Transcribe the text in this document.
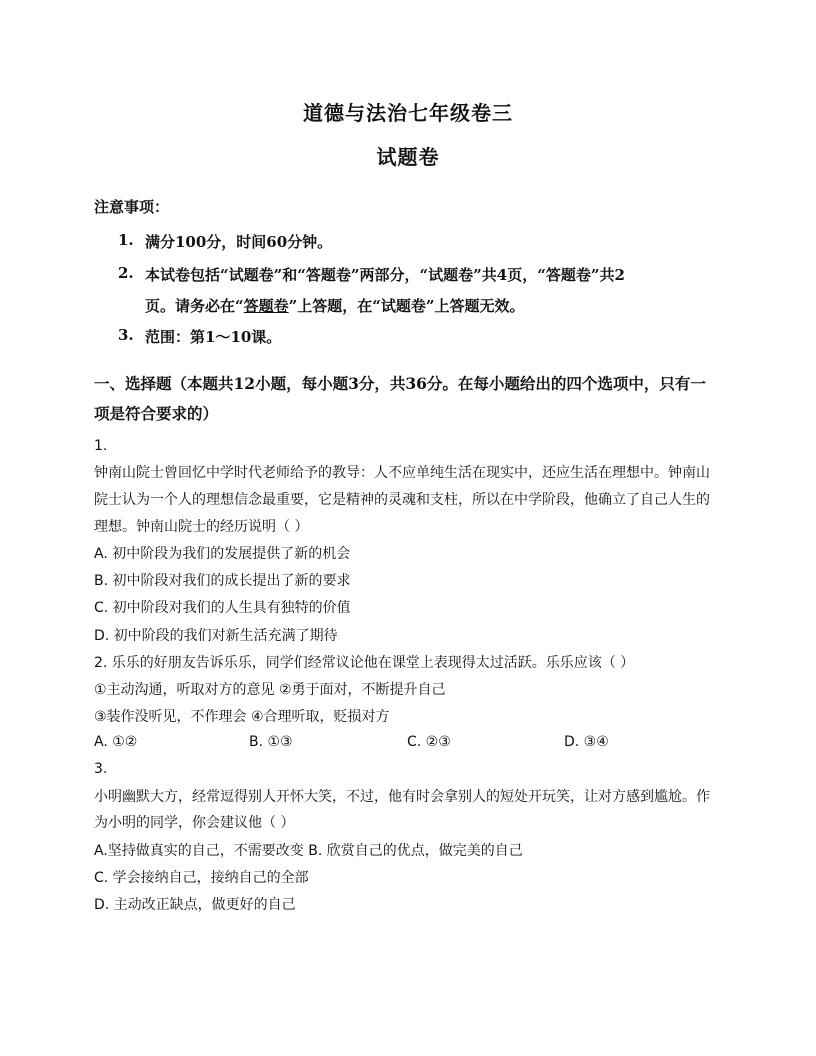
道德与法治七年级卷三
试题卷
注意事项：
1. 满分100分，时间60分钟。
2. 本试卷包括“试题卷”和“答题卷”两部分，“试题卷”共4页，“答题卷”共2
页。请务必在“答题卷”上答题，在“试题卷”上答题无效。
3. 范围：第1～10课。
一、选择题（本题共12小题，每小题3分，共36分。在每小题给出的四个选项中，只有一
项是符合要求的）
1.
钟南山院士曾回忆中学时代老师给予的教导：人不应单纯生活在现实中，还应生活在理想中。钟南山
院士认为一个人的理想信念最重要，它是精神的灵魂和支柱，所以在中学阶段，他确立了自己人生的
理想。钟南山院士的经历说明（ ）
A. 初中阶段为我们的发展提供了新的机会
B. 初中阶段对我们的成长提出了新的要求
C. 初中阶段对我们的人生具有独特的价值
D. 初中阶段的我们对新生活充满了期待
2. 乐乐的好朋友告诉乐乐，同学们经常议论他在课堂上表现得太过活跃。乐乐应该（ ）
①主动沟通，听取对方的意见 ②勇于面对，不断提升自己
③装作没听见，不作理会 ④合理听取，贬损对方
A. ①②	B. ①③	C. ②③	D. ③④
3.
小明幽默大方，经常逗得别人开怀大笑，不过，他有时会拿别人的短处开玩笑，让对方感到尴尬。作
为小明的同学，你会建议他（ ）
A.坚持做真实的自己，不需要改变 B. 欣赏自己的优点，做完美的自己
C. 学会接纳自己，接纳自己的全部
D. 主动改正缺点，做更好的自己
